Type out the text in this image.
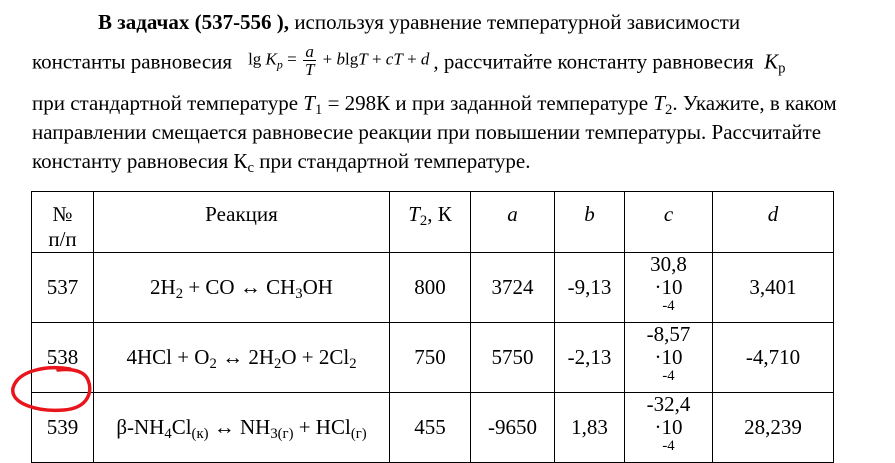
В задачах (537-556 ), используя уравнение температурной зависимости

константы равновесия $\lg K_p = \frac{a}{T} + blgT$ + cT + d , рассчитайте константу равновесия $K_p$

при стандартной температуре $T_1 = 298К$ и при заданной температуре $T_2$. Укажите, в каком направлении смещается равновесие реакции при повышении температуры. Рассчитайте константу равновесия $К_с$ при стандартной температуре.

№
п/п	Реакция	$T_2$, К	a	b	c	d
537	$2H_2$ + CO ↔ $CH_3OH$	800	3724	-9,13	30,8
·10
$^{-4}$	3,401
538	$4HCl + O_2$ ↔ $2H_2O + 2Cl_2$	750	5750	-2,13	-8,57
·10
$^{-4}$	-4,710
539	$\beta-NH_4Cl_{(к)}$ ↔ $NH_{3(г)} + HCl_{(г)}$	455	-9650	1,83	-32,4
·10
$^{-4}$	28,239
